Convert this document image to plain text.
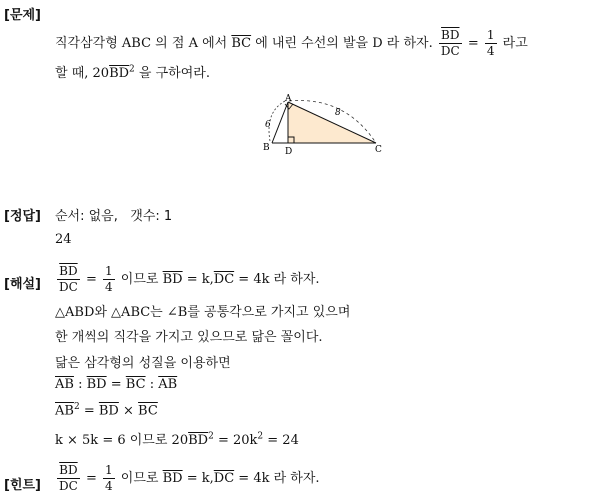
[문제]
직각삼각형 ABC 의 점 A 에서 $\overline{BC}$ 에 내린 수선의 발을 D 라 하자. $\frac{\overline{BD}}{DC} = \frac{1}{4}$ 라고
할 때, $20\overline{BD}^2$ 을 구하여라.
A
B	C
D
6
8
[정답] 순서: 없음, 갯수: 1
24
[해설] $\frac{\overline{BD}}{DC} = \frac{1}{4}$ 이므로 $\overline{BD} = k,\overline{DC} = 4k$ 라 하자.
△ABD와 △ABC는 ∠B를 공통각으로 가지고 있으며
한 개씩의 직각을 가지고 있으므로 닮은 꼴이다.
닮은 삼각형의 성질을 이용하면
$\overline{AB}$ : $\overline{BD} = \overline{BC}$ : $\overline{AB}$
$\overline{AB}^2 = \overline{BD} \times \overline{BC}$
k × 5k = 6 이므로 $20\overline{BD}^2 = 20k^2 = 24$
[힌트] $\frac{\overline{BD}}{DC} = \frac{1}{4}$ 이므로 $\overline{BD} = k,\overline{DC} = 4k$ 라 하자.
